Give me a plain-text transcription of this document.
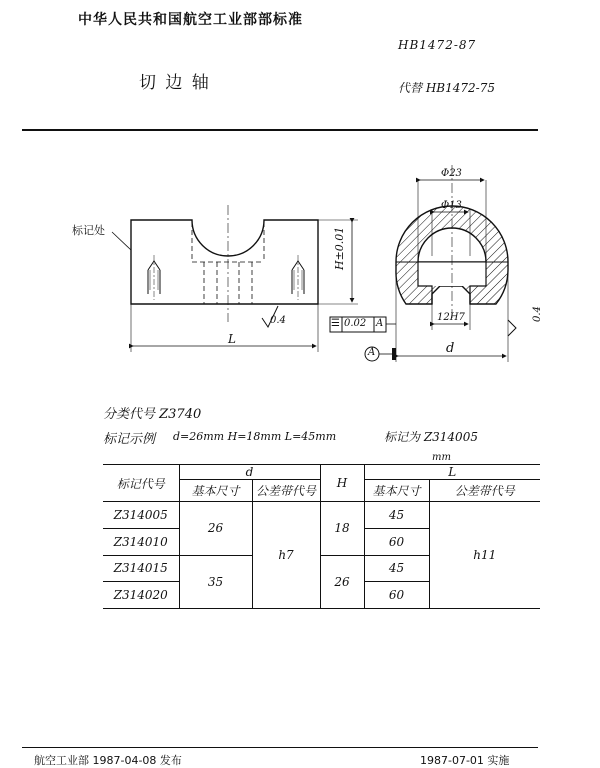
中华人民共和国航空工业部部标准
HB1472-87
切 边 轴	代替 HB1472-75
标记处
L
H±0.01
0.4
Φ23
Φ13
12H7
d
☰ 0.02 A
A
0.4
分类代号 Z3740
标记示例 d=26mm H=18mm L=45mm	标记为 Z314005
mm
标记代号	d		H	L	
	基本尺寸	公差带代号		基本尺寸	公差带代号
Z314005	26	h7	18	45	h11
Z314010				60	
Z314015	35		26	45	
Z314020				60	
航空工业部 1987-04-08 发布	1987-07-01 实施
